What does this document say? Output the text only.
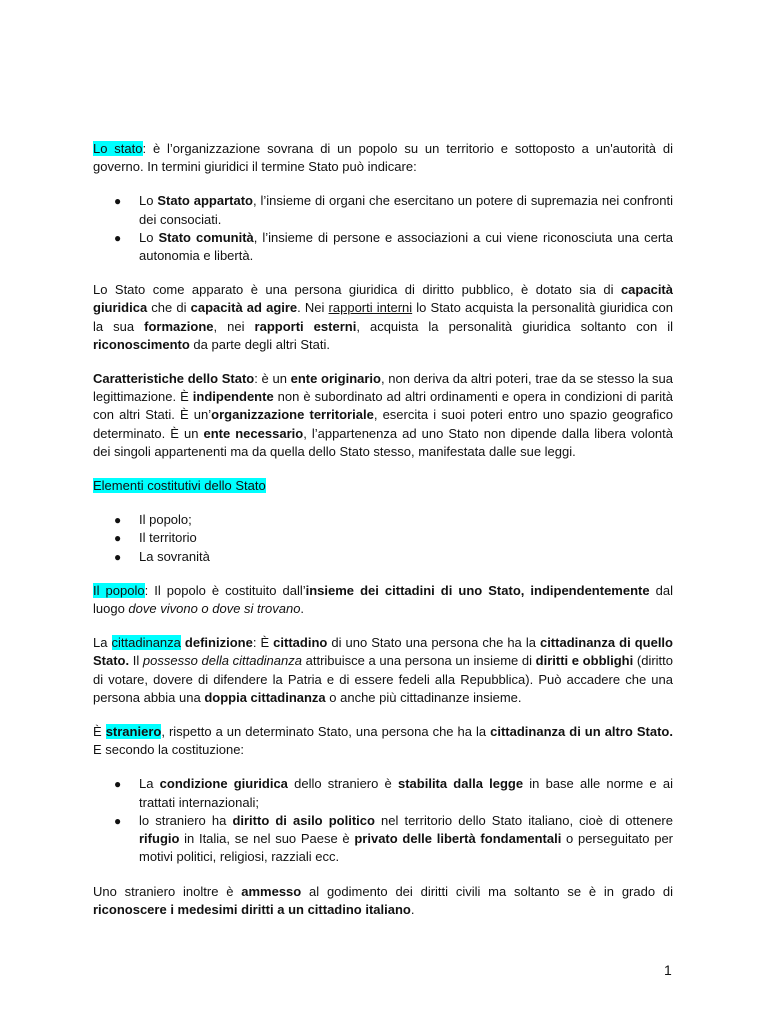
Lo stato: è l’organizzazione sovrana di un popolo su un territorio e sottoposto a un'autorità di governo. In termini giuridici il termine Stato può indicare:

● Lo Stato appartato, l’insieme di organi che esercitano un potere di supremazia nei confronti dei consociati.
● Lo Stato comunità, l’insieme di persone e associazioni a cui viene riconosciuta una certa autonomia e libertà.

Lo Stato come apparato è una persona giuridica di diritto pubblico, è dotato sia di capacità giuridica che di capacità ad agire. Nei rapporti interni lo Stato acquista la personalità giuridica con la sua formazione, nei rapporti esterni, acquista la personalità giuridica soltanto con il riconoscimento da parte degli altri Stati.

Caratteristiche dello Stato: è un ente originario, non deriva da altri poteri, trae da se stesso la sua legittimazione. È indipendente non è subordinato ad altri ordinamenti e opera in condizioni di parità con altri Stati. È un’organizzazione territoriale, esercita i suoi poteri entro uno spazio geografico determinato. È un ente necessario, l’appartenenza ad uno Stato non dipende dalla libera volontà dei singoli appartenenti ma da quella dello Stato stesso, manifestata dalle sue leggi.

Elementi costitutivi dello Stato

● Il popolo;
● Il territorio
● La sovranità

Il popolo: Il popolo è costituito dall’insieme dei cittadini di uno Stato, indipendentemente dal luogo dove vivono o dove si trovano.

La cittadinanza definizione: È cittadino di uno Stato una persona che ha la cittadinanza di quello Stato. Il possesso della cittadinanza attribuisce a una persona un insieme di diritti e obblighi (diritto di votare, dovere di difendere la Patria e di essere fedeli alla Repubblica). Può accadere che una persona abbia una doppia cittadinanza o anche più cittadinanze insieme.

È straniero, rispetto a un determinato Stato, una persona che ha la cittadinanza di un altro Stato. E secondo la costituzione:

● La condizione giuridica dello straniero è stabilita dalla legge in base alle norme e ai trattati internazionali;
● lo straniero ha diritto di asilo politico nel territorio dello Stato italiano, cioè di ottenere rifugio in Italia, se nel suo Paese è privato delle libertà fondamentali o perseguitato per motivi politici, religiosi, razziali ecc.

Uno straniero inoltre è ammesso al godimento dei diritti civili ma soltanto se è in grado di riconoscere i medesimi diritti a un cittadino italiano.

1
